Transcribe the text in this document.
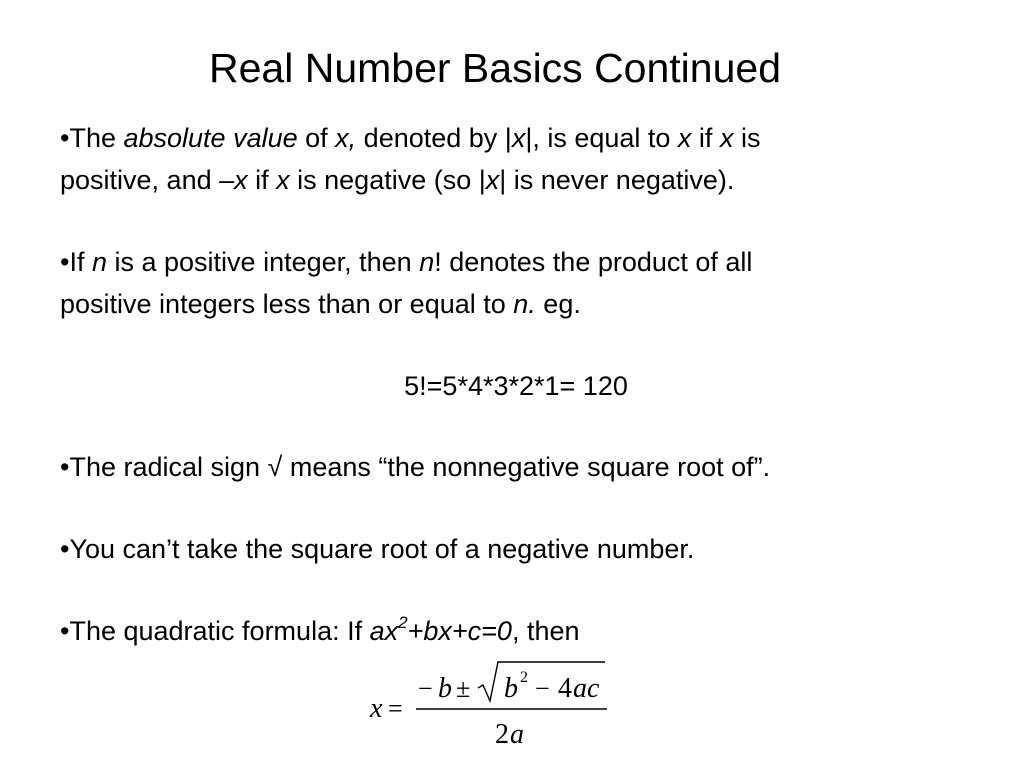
Real Number Basics Continued
•The absolute value of x, denoted by |x|, is equal to x if x is
positive, and –x if x is negative (so |x| is never negative).
•If n is a positive integer, then n! denotes the product of all
positive integers less than or equal to n. eg.
5!=5*4*3*2*1= 120
•The radical sign √ means “the nonnegative square root of”.
•You can’t take the square root of a negative number.
•The quadratic formula: If $ax^2+bx+c=0$, then
x =
− b ± b 2 − 4 ac
2 a
